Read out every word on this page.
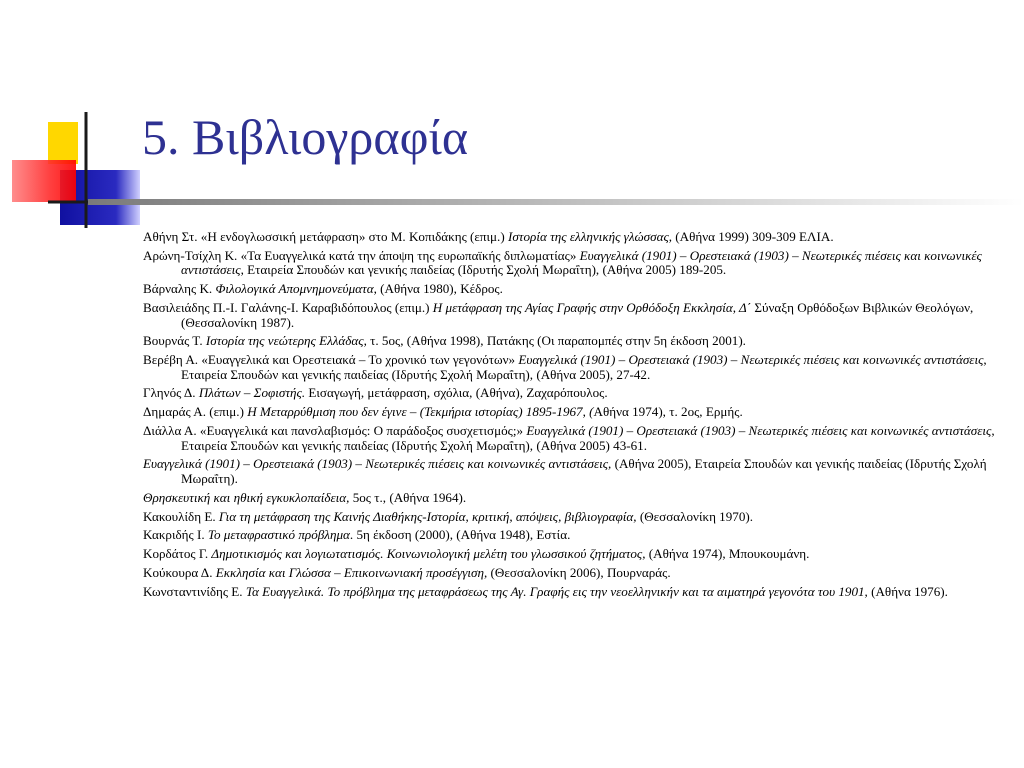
5. Βιβλιογραφία
Αθήνη Στ. «Η ενδογλωσσική μετάφραση» στο Μ. Κοπιδάκης (επιμ.) Ιστορία της ελληνικής γλώσσας, (Αθήνα 1999) 309-309 ΕΛΙΑ.
Αρώνη-Τσίχλη Κ. «Τα Ευαγγελικά κατά την άποψη της ευρωπαϊκής διπλωματίας» Ευαγγελικά (1901) – Ορεστειακά (1903) – Νεωτερικές πιέσεις και κοινωνικές αντιστάσεις, Εταιρεία Σπουδών και γενικής παιδείας (Ιδρυτής Σχολή Μωραΐτη), (Αθήνα 2005) 189-205.
Βάρναλης Κ. Φιλολογικά Απομνημονεύματα, (Αθήνα 1980), Κέδρος.
Βασιλειάδης Π.-Ι. Γαλάνης-Ι. Καραβιδόπουλος (επιμ.) Η μετάφραση της Αγίας Γραφής στην Ορθόδοξη Εκκλησία, Δ΄ Σύναξη Ορθόδοξων Βιβλικών Θεολόγων, (Θεσσαλονίκη 1987).
Βουρνάς Τ. Ιστορία της νεώτερης Ελλάδας, τ. 5ος, (Αθήνα 1998), Πατάκης (Οι παραπομπές στην 5η έκδοση 2001).
Βερέβη Α. «Ευαγγελικά και Ορεστειακά – Το χρονικό των γεγονότων» Ευαγγελικά (1901) – Ορεστειακά (1903) – Νεωτερικές πιέσεις και κοινωνικές αντιστάσεις, Εταιρεία Σπουδών και γενικής παιδείας (Ιδρυτής Σχολή Μωραΐτη), (Αθήνα 2005), 27-42.
Γληνός Δ. Πλάτων – Σοφιστής. Εισαγωγή, μετάφραση, σχόλια, (Αθήνα), Ζαχαρόπουλος.
Δημαράς Α. (επιμ.) Η Μεταρρύθμιση που δεν έγινε – (Τεκμήρια ιστορίας) 1895-1967, (Αθήνα 1974), τ. 2ος, Ερμής.
Διάλλα Α. «Ευαγγελικά και πανσλαβισμός: Ο παράδοξος συσχετισμός;» Ευαγγελικά (1901) – Ορεστειακά (1903) – Νεωτερικές πιέσεις και κοινωνικές αντιστάσεις, Εταιρεία Σπουδών και γενικής παιδείας (Ιδρυτής Σχολή Μωραΐτη), (Αθήνα 2005) 43-61.
Ευαγγελικά (1901) – Ορεστειακά (1903) – Νεωτερικές πιέσεις και κοινωνικές αντιστάσεις, (Αθήνα 2005), Εταιρεία Σπουδών και γενικής παιδείας (Ιδρυτής Σχολή Μωραΐτη).
Θρησκευτική και ηθική εγκυκλοπαίδεια, 5ος τ., (Αθήνα 1964).
Κακουλίδη Ε. Για τη μετάφραση της Καινής Διαθήκης-Ιστορία, κριτική, απόψεις, βιβλιογραφία, (Θεσσαλονίκη 1970).
Κακριδής Ι. Το μεταφραστικό πρόβλημα. 5η έκδοση (2000), (Αθήνα 1948), Εστία.
Κορδάτος Γ. Δημοτικισμός και λογιωτατισμός. Κοινωνιολογική μελέτη του γλωσσικού ζητήματος, (Αθήνα 1974), Μπουκουμάνη.
Κούκουρα Δ. Εκκλησία και Γλώσσα – Επικοινωνιακή προσέγγιση, (Θεσσαλονίκη 2006), Πουρναράς.
Κωνσταντινίδης Ε. Τα Ευαγγελικά. Το πρόβλημα της μεταφράσεως της Αγ. Γραφής εις την νεοελληνικήν και τα αιματηρά γεγονότα του 1901, (Αθήνα 1976).
